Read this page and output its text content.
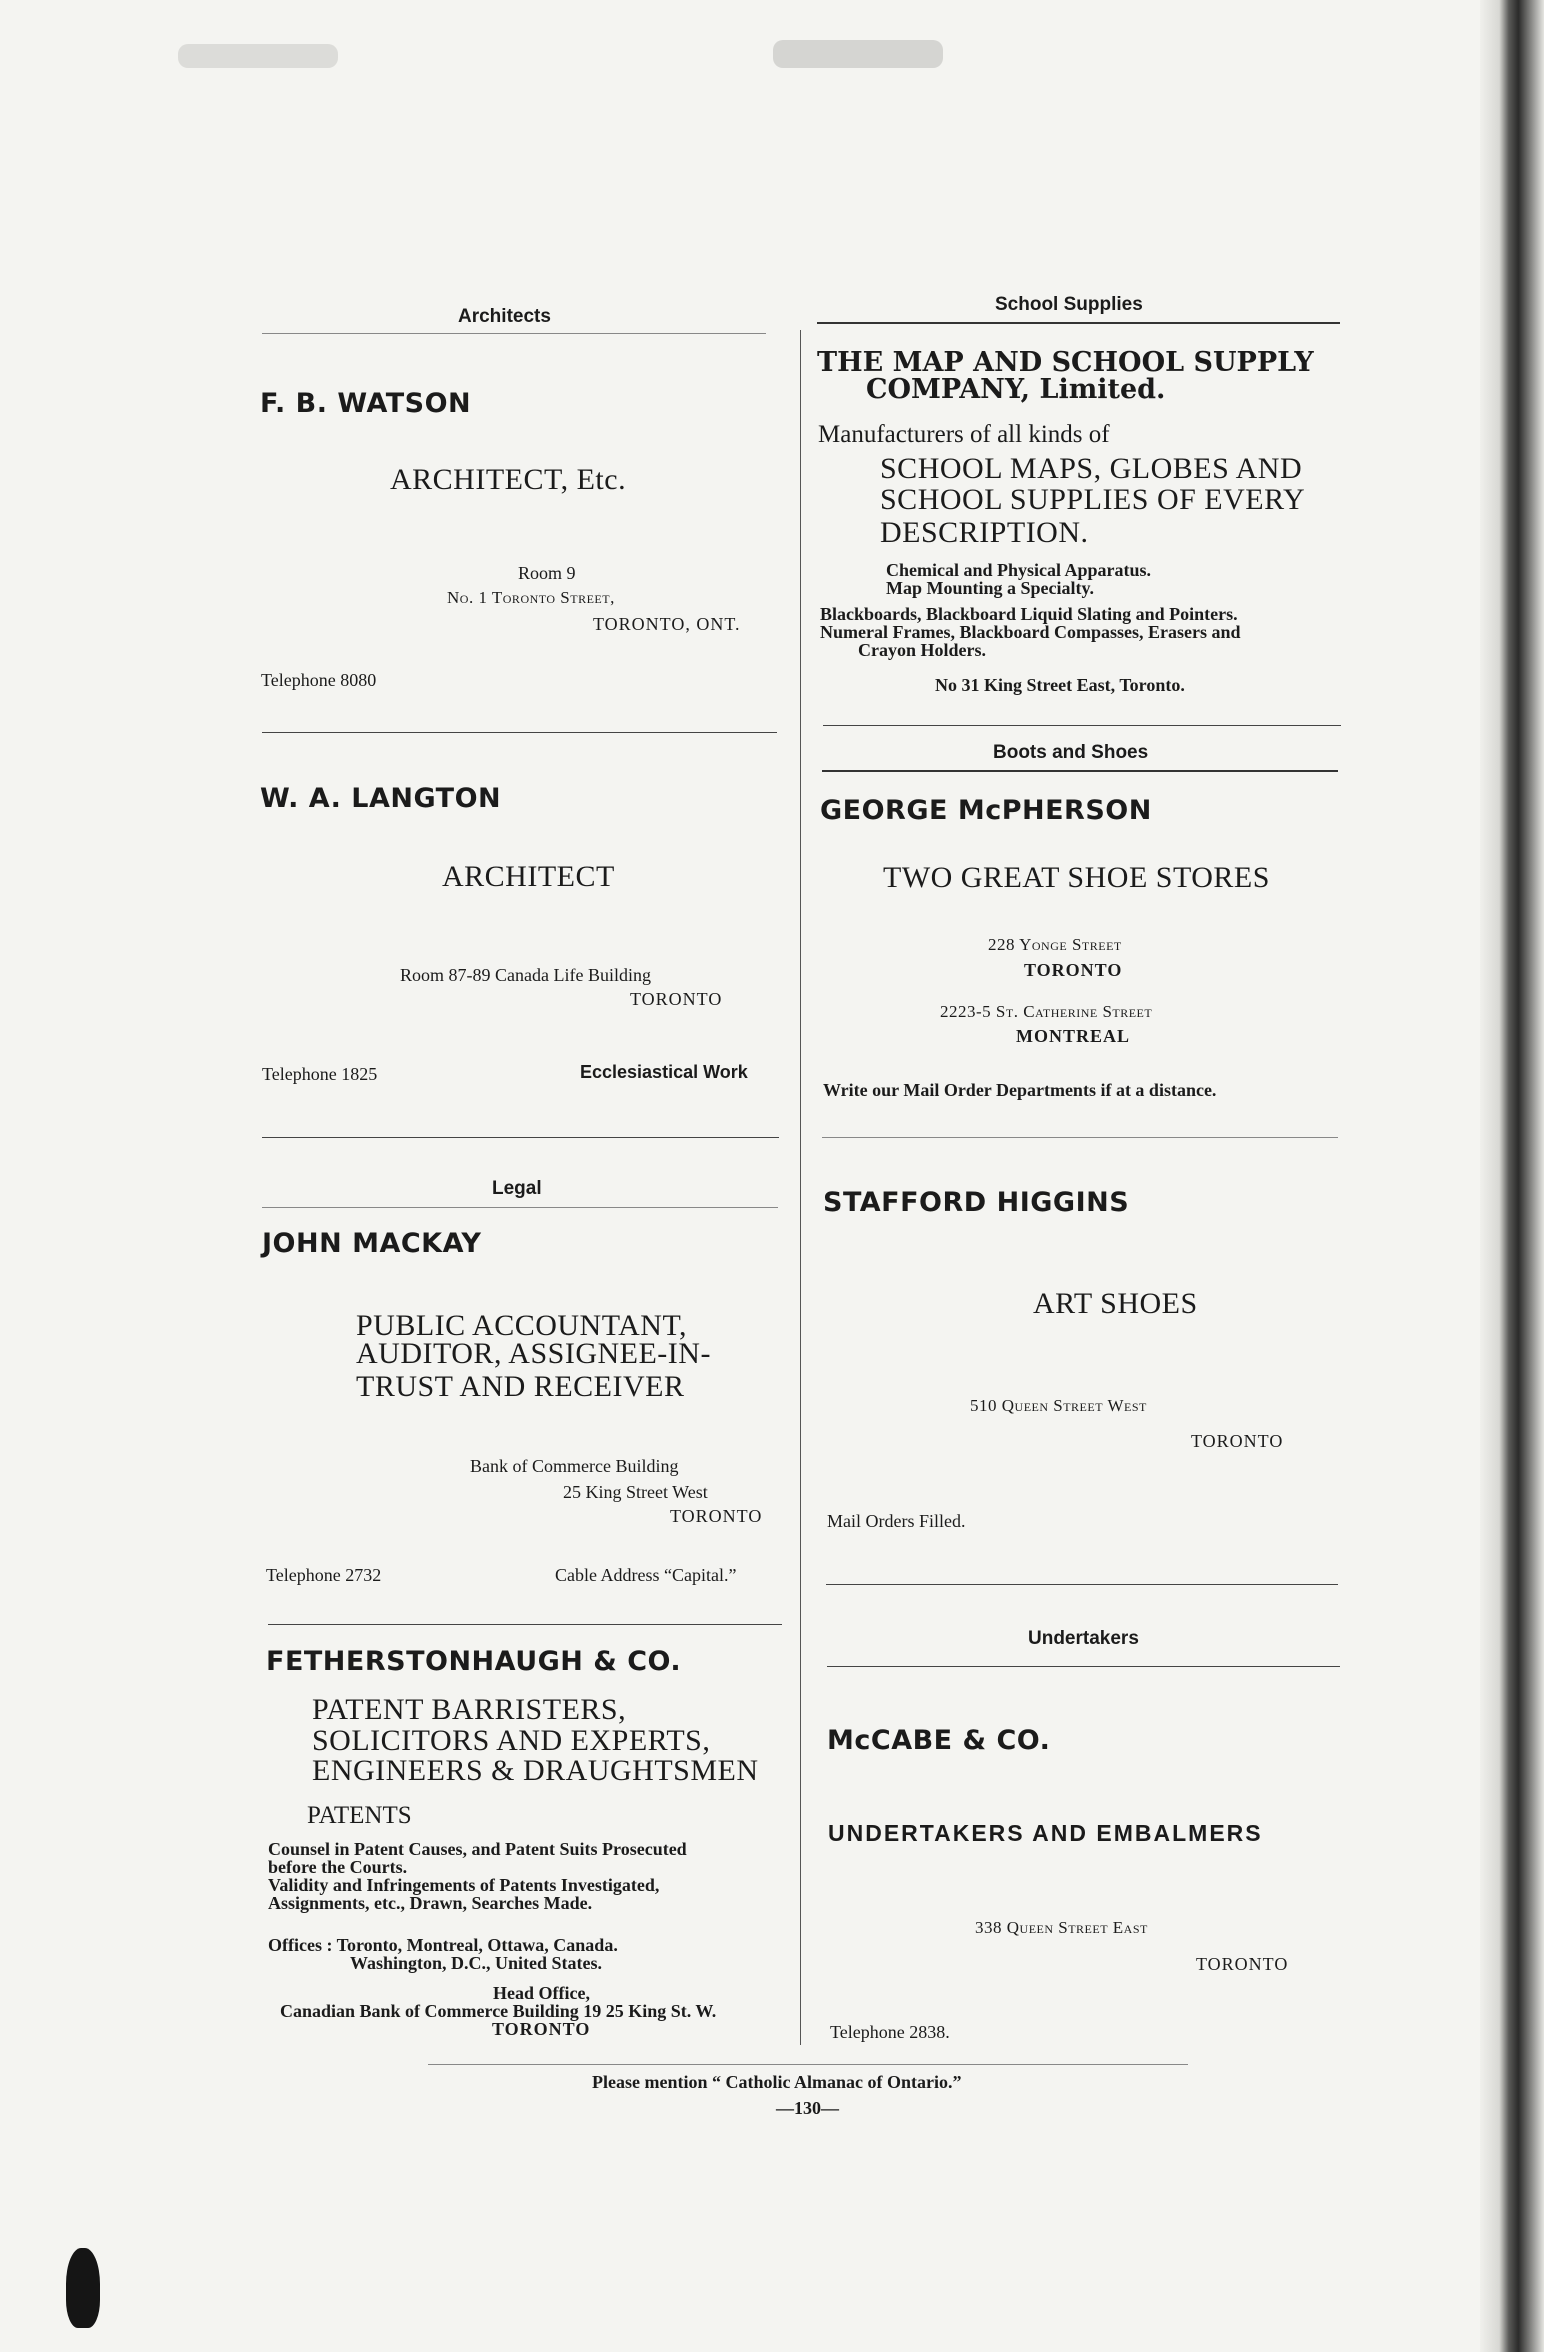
Architects
F. B. WATSON
ARCHITECT, Etc.
Room 9
No. 1 Toronto Street,
TORONTO, ONT.
Telephone 8080
W. A. LANGTON
ARCHITECT
Room 87-89 Canada Life Building
TORONTO
Telephone 1825	Ecclesiastical Work
Legal
JOHN MACKAY
PUBLIC ACCOUNTANT,
AUDITOR, ASSIGNEE-IN-
TRUST AND RECEIVER
Bank of Commerce Building
25 King Street West
TORONTO
Telephone 2732	Cable Address “Capital.”
FETHERSTONHAUGH & CO.
PATENT BARRISTERS,
SOLICITORS AND EXPERTS,
ENGINEERS & DRAUGHTSMEN
PATENTS
Counsel in Patent Causes, and Patent Suits Prosecuted
before the Courts.
Validity and Infringements of Patents Investigated,
Assignments, etc., Drawn, Searches Made.
Offices : Toronto, Montreal, Ottawa, Canada.
Washington, D.C., United States.
Head Office,
Canadian Bank of Commerce Building 19 25 King St. W.
TORONTO
School Supplies
THE MAP AND SCHOOL SUPPLY
COMPANY, Limited.
Manufacturers of all kinds of
SCHOOL MAPS, GLOBES AND
SCHOOL SUPPLIES OF EVERY
DESCRIPTION.
Chemical and Physical Apparatus.
Map Mounting a Specialty.
Blackboards, Blackboard Liquid Slating and Pointers.
Numeral Frames, Blackboard Compasses, Erasers and
Crayon Holders.
No 31 King Street East, Toronto.
Boots and Shoes
GEORGE McPHERSON
TWO GREAT SHOE STORES
228 Yonge Street
TORONTO
2223-5 St. Catherine Street
MONTREAL
Write our Mail Order Departments if at a distance.
STAFFORD HIGGINS
ART SHOES
510 Queen Street West
TORONTO
Mail Orders Filled.
Undertakers
McCABE & CO.
UNDERTAKERS AND EMBALMERS
338 Queen Street East
TORONTO
Telephone 2838.
Please mention “ Catholic Almanac of Ontario.”
—130—
